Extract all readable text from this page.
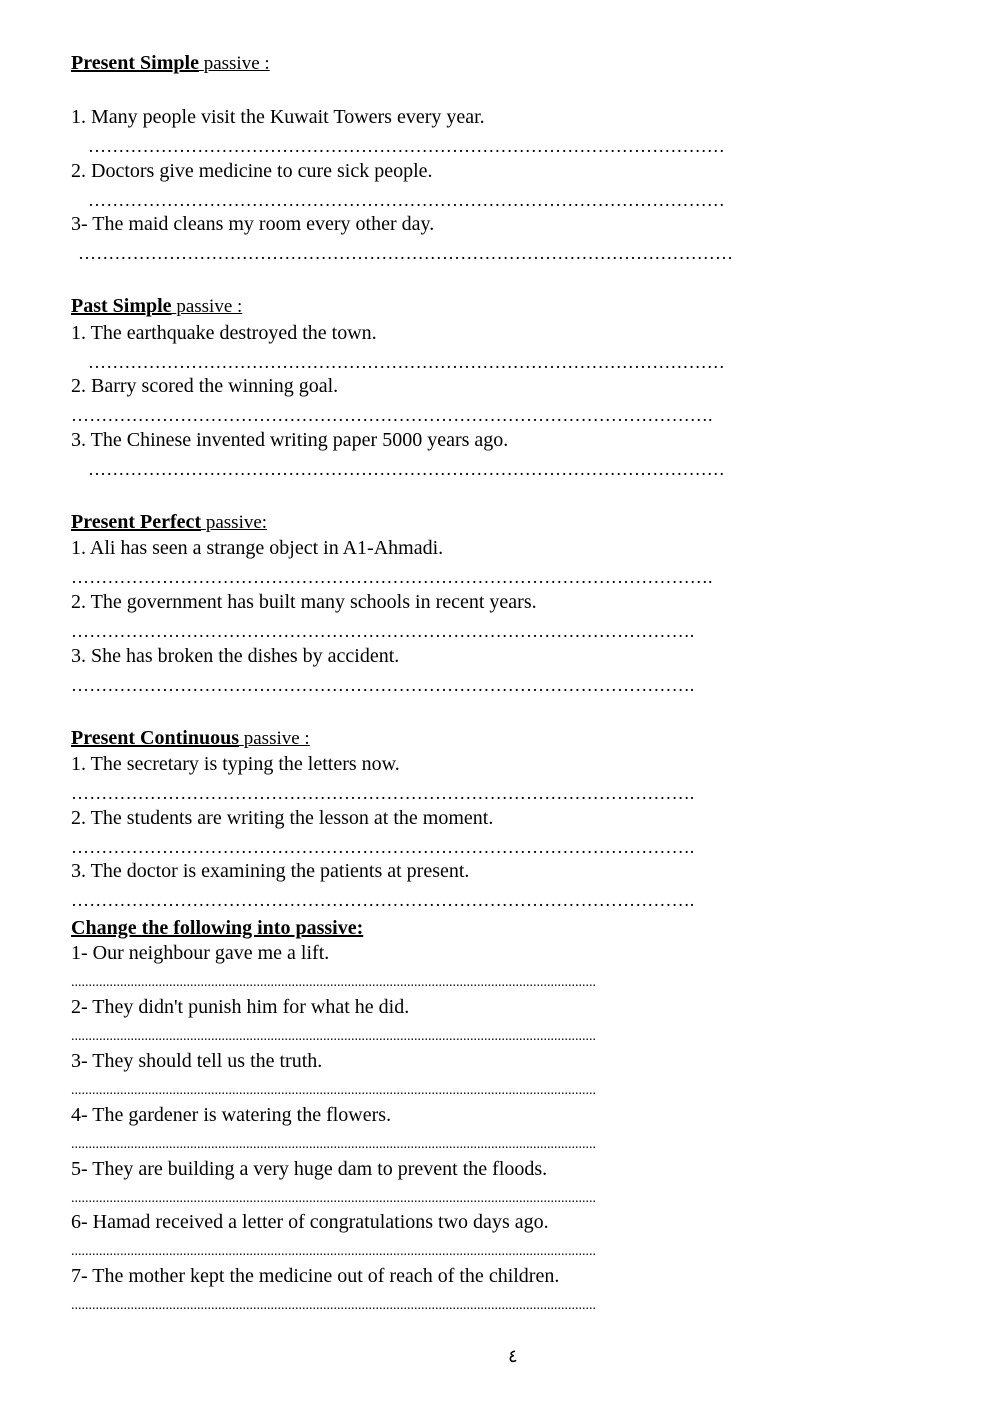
Present Simple passive :
1. Many people visit the Kuwait Towers every year.
……………………………………………………………………………………………
2. Doctors give medicine to cure sick people.
……………………………………………………………………………………………
3- The maid cleans my room every other day.
………………………………………………………………………………………………
Past Simple passive :
1. The earthquake destroyed the town.
……………………………………………………………………………………………
2. Barry scored the winning goal.
…………………………………………………………………………………………….
3. The Chinese invented writing paper 5000 years ago.
……………………………………………………………………………………………
Present Perfect passive:
1. Ali has seen a strange object in A1-Ahmadi.
…………………………………………………………………………………………….
2. The government has built many schools in recent years.
………………………………………………………………………………………….
3. She has broken the dishes by accident.
………………………………………………………………………………………….
Present Continuous passive :
1. The secretary is typing the letters now.
………………………………………………………………………………………….
2. The students are writing the lesson at the moment.
………………………………………………………………………………………….
3. The doctor is examining the patients at present.
………………………………………………………………………………………….
Change the following into passive:
1- Our neighbour gave me a lift.
......................................................................................................................................................
2- They didn't punish him for what he did.
......................................................................................................................................................
3- They should tell us the truth.
......................................................................................................................................................
4- The gardener is watering the flowers.
......................................................................................................................................................
5- They are building a very huge dam to prevent the floods.
......................................................................................................................................................
6- Hamad received a letter of congratulations two days ago.
......................................................................................................................................................
7- The mother kept the medicine out of reach of the children.
......................................................................................................................................................
٤
